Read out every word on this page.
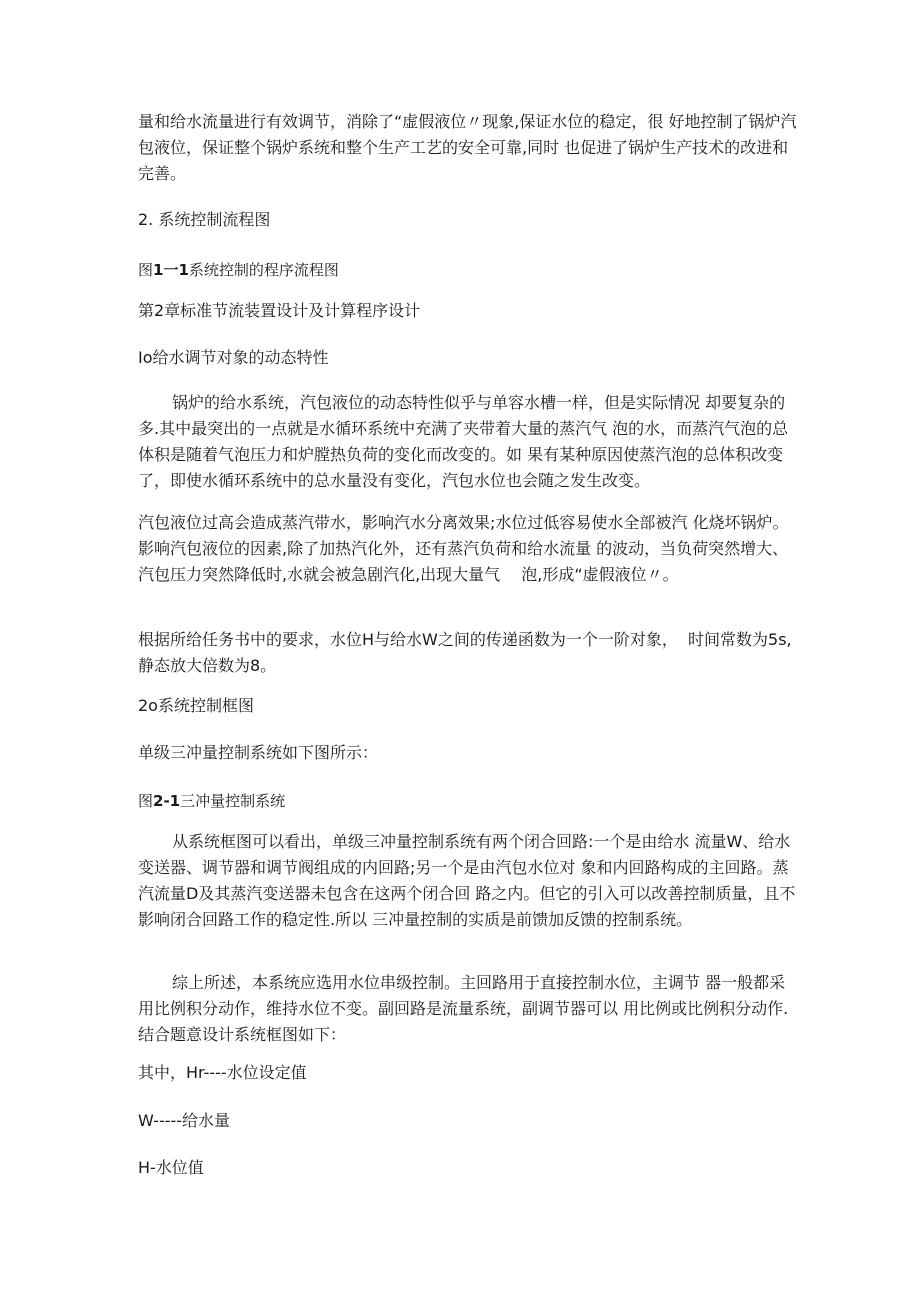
量和给水流量进行有效调节，消除了“虚假液位〃现象,保证水位的稳定，很 好地控制了锅炉汽包液位，保证整个锅炉系统和整个生产工艺的安全可靠,同时 也促进了锅炉生产技术的改进和完善。

2. 系统控制流程图

图1一1系统控制的程序流程图

第2章标准节流装置设计及计算程序设计

Io给水调节对象的动态特性

锅炉的给水系统，汽包液位的动态特性似乎与单容水槽一样，但是实际情况 却要复杂的多.其中最突出的一点就是水循环系统中充满了夹带着大量的蒸汽气 泡的水，而蒸汽气泡的总体积是随着气泡压力和炉膛热负荷的变化而改变的。如 果有某种原因使蒸汽泡的总体积改变了，即使水循环系统中的总水量没有变化，汽包水位也会随之发生改变。

汽包液位过高会造成蒸汽带水，影响汽水分离效果;水位过低容易使水全部被汽 化烧坏锅炉。影响汽包液位的因素,除了加热汽化外，还有蒸汽负荷和给水流量 的波动，当负荷突然增大、汽包压力突然降低时,水就会被急剧汽化,出现大量气　 泡,形成“虚假液位〃。

根据所给任务书中的要求，水位H与给水W之间的传递函数为一个一阶对象，  时间常数为5s,静态放大倍数为8。

2o系统控制框图

单级三冲量控制系统如下图所示：

图2-1三冲量控制系统

从系统框图可以看出，单级三冲量控制系统有两个闭合回路:一个是由给水 流量W、给水变送器、调节器和调节阀组成的内回路;另一个是由汽包水位对 象和内回路构成的主回路。蒸汽流量D及其蒸汽变送器未包含在这两个闭合回 路之内。但它的引入可以改善控制质量，且不影响闭合回路工作的稳定性.所以 三冲量控制的实质是前馈加反馈的控制系统。

综上所述，本系统应选用水位串级控制。主回路用于直接控制水位，主调节 器一般都采用比例积分动作，维持水位不变。副回路是流量系统，副调节器可以 用比例或比例积分动作.结合题意设计系统框图如下：

其中，Hr----水位设定值

W-----给水量

H-水位值
